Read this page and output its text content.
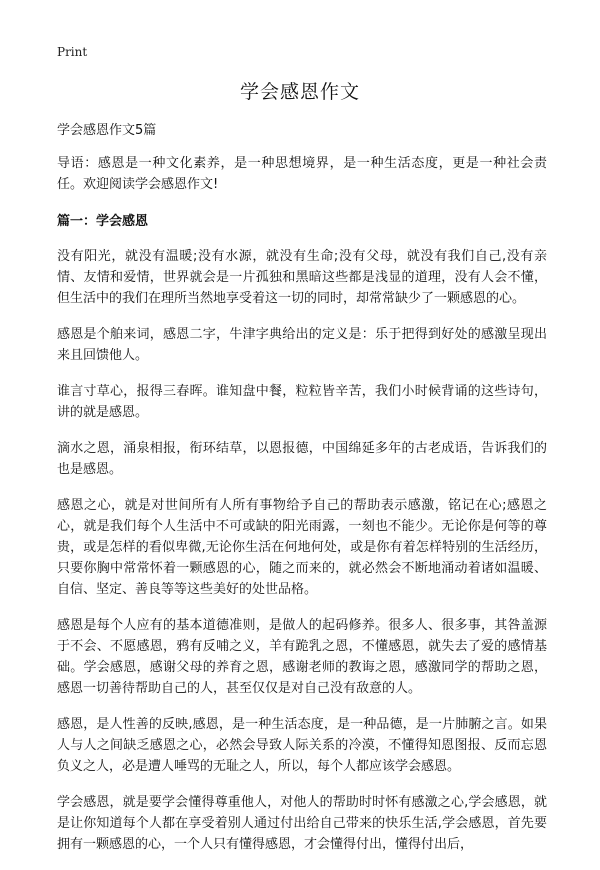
Print
学会感恩作文

学会感恩作文5篇

导语：感恩是一种文化素养，是一种思想境界，是一种生活态度，更是一种社会责任。欢迎阅读学会感恩作文!

篇一：学会感恩

没有阳光，就没有温暖;没有水源，就没有生命;没有父母，就没有我们自己,没有亲情、友情和爱情，世界就会是一片孤独和黑暗这些都是浅显的道理，没有人会不懂，但生活中的我们在理所当然地享受着这一切的同时，却常常缺少了一颗感恩的心。

感恩是个舶来词，感恩二字，牛津字典给出的定义是：乐于把得到好处的感激呈现出来且回馈他人。

谁言寸草心，报得三春晖。谁知盘中餐，粒粒皆辛苦，我们小时候背诵的这些诗句，讲的就是感恩。

滴水之恩，涌泉相报，衔环结草，以恩报德，中国绵延多年的古老成语，告诉我们的也是感恩。

感恩之心，就是对世间所有人所有事物给予自己的帮助表示感激，铭记在心;感恩之心，就是我们每个人生活中不可或缺的阳光雨露，一刻也不能少。无论你是何等的尊贵，或是怎样的看似卑微,无论你生活在何地何处，或是你有着怎样特别的生活经历，只要你胸中常常怀着一颗感恩的心，随之而来的，就必然会不断地涌动着诸如温暖、自信、坚定、善良等等这些美好的处世品格。

感恩是每个人应有的基本道德准则，是做人的起码修养。很多人、很多事，其咎盖源于不会、不愿感恩，鸦有反哺之义，羊有跪乳之恩，不懂感恩，就失去了爱的感情基础。学会感恩，感谢父母的养育之恩，感谢老师的教诲之恩，感激同学的帮助之恩，感恩一切善待帮助自己的人，甚至仅仅是对自己没有敌意的人。

感恩，是人性善的反映,感恩，是一种生活态度，是一种品德，是一片肺腑之言。如果人与人之间缺乏感恩之心，必然会导致人际关系的冷漠，不懂得知恩图报、反而忘恩负义之人，必是遭人唾骂的无耻之人，所以，每个人都应该学会感恩。

学会感恩，就是要学会懂得尊重他人，对他人的帮助时时怀有感激之心,学会感恩，就是让你知道每个人都在享受着别人通过付出给自己带来的快乐生活,学会感恩，首先要拥有一颗感恩的心，一个人只有懂得感恩，才会懂得付出，懂得付出后，
